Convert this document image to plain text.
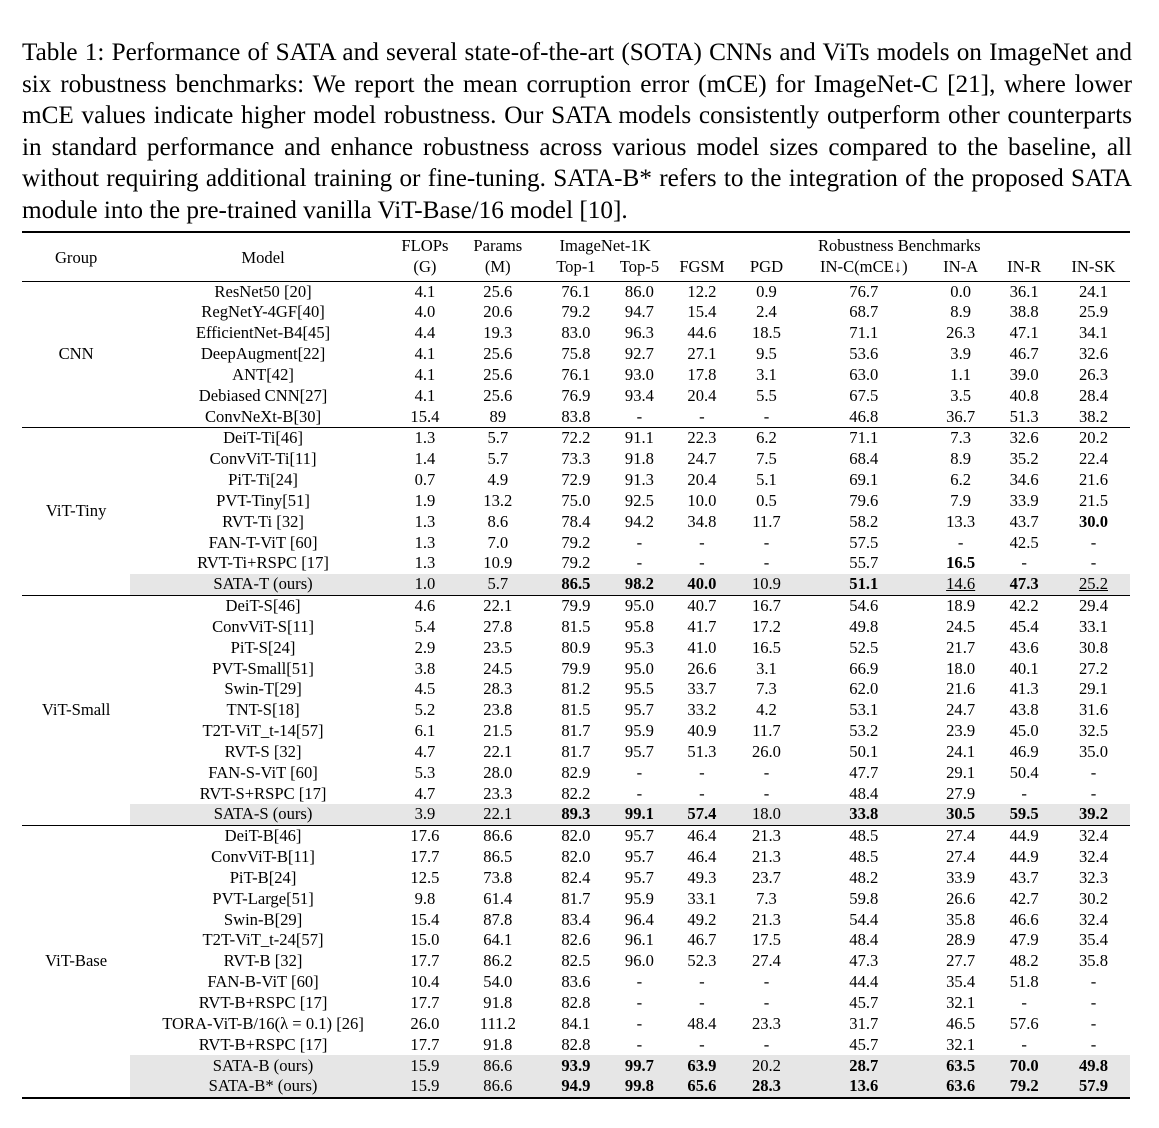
Table 1: Performance of SATA and several state-of-the-art (SOTA) CNNs and ViTs models on ImageNet and six robustness benchmarks: We report the mean corruption error (mCE) for ImageNet-C [21], where lower mCE values indicate higher model robustness. Our SATA models consistently outperform other counterparts in standard performance and enhance robustness across various model sizes compared to the baseline, all without requiring additional training or fine-tuning. SATA-B* refers to the integration of the proposed SATA module into the pre-trained vanilla ViT-Base/16 model [10].

Group	Model	FLOPs	Params	ImageNet-1K		Robustness Benchmarks					
		(G)	(M)	Top-1	Top-5	FGSM	PGD	IN-C(mCE↓)	IN-A	IN-R	IN-SK
CNN	ResNet50 [20]	4.1	25.6	76.1	86.0	12.2	0.9	76.7	0.0	36.1	24.1
	RegNetY-4GF[40]	4.0	20.6	79.2	94.7	15.4	2.4	68.7	8.9	38.8	25.9
	EfficientNet-B4[45]	4.4	19.3	83.0	96.3	44.6	18.5	71.1	26.3	47.1	34.1
	DeepAugment[22]	4.1	25.6	75.8	92.7	27.1	9.5	53.6	3.9	46.7	32.6
	ANT[42]	4.1	25.6	76.1	93.0	17.8	3.1	63.0	1.1	39.0	26.3
	Debiased CNN[27]	4.1	25.6	76.9	93.4	20.4	5.5	67.5	3.5	40.8	28.4
	ConvNeXt-B[30]	15.4	89	83.8	-	-	-	46.8	36.7	51.3	38.2
ViT-Tiny	DeiT-Ti[46]	1.3	5.7	72.2	91.1	22.3	6.2	71.1	7.3	32.6	20.2
	ConvViT-Ti[11]	1.4	5.7	73.3	91.8	24.7	7.5	68.4	8.9	35.2	22.4
	PiT-Ti[24]	0.7	4.9	72.9	91.3	20.4	5.1	69.1	6.2	34.6	21.6
	PVT-Tiny[51]	1.9	13.2	75.0	92.5	10.0	0.5	79.6	7.9	33.9	21.5
	RVT-Ti [32]	1.3	8.6	78.4	94.2	34.8	11.7	58.2	13.3	43.7	30.0
	FAN-T-ViT [60]	1.3	7.0	79.2	-	-	-	57.5	-	42.5	-
	RVT-Ti+RSPC [17]	1.3	10.9	79.2	-	-	-	55.7	16.5	-	-
	SATA-T (ours)	1.0	5.7	86.5	98.2	40.0	10.9	51.1	14.6	47.3	25.2
ViT-Small	DeiT-S[46]	4.6	22.1	79.9	95.0	40.7	16.7	54.6	18.9	42.2	29.4
	ConvViT-S[11]	5.4	27.8	81.5	95.8	41.7	17.2	49.8	24.5	45.4	33.1
	PiT-S[24]	2.9	23.5	80.9	95.3	41.0	16.5	52.5	21.7	43.6	30.8
	PVT-Small[51]	3.8	24.5	79.9	95.0	26.6	3.1	66.9	18.0	40.1	27.2
	Swin-T[29]	4.5	28.3	81.2	95.5	33.7	7.3	62.0	21.6	41.3	29.1
	TNT-S[18]	5.2	23.8	81.5	95.7	33.2	4.2	53.1	24.7	43.8	31.6
	T2T-ViT_t-14[57]	6.1	21.5	81.7	95.9	40.9	11.7	53.2	23.9	45.0	32.5
	RVT-S [32]	4.7	22.1	81.7	95.7	51.3	26.0	50.1	24.1	46.9	35.0
	FAN-S-ViT [60]	5.3	28.0	82.9	-	-	-	47.7	29.1	50.4	-
	RVT-S+RSPC [17]	4.7	23.3	82.2	-	-	-	48.4	27.9	-	-
	SATA-S (ours)	3.9	22.1	89.3	99.1	57.4	18.0	33.8	30.5	59.5	39.2
ViT-Base	DeiT-B[46]	17.6	86.6	82.0	95.7	46.4	21.3	48.5	27.4	44.9	32.4
	ConvViT-B[11]	17.7	86.5	82.0	95.7	46.4	21.3	48.5	27.4	44.9	32.4
	PiT-B[24]	12.5	73.8	82.4	95.7	49.3	23.7	48.2	33.9	43.7	32.3
	PVT-Large[51]	9.8	61.4	81.7	95.9	33.1	7.3	59.8	26.6	42.7	30.2
	Swin-B[29]	15.4	87.8	83.4	96.4	49.2	21.3	54.4	35.8	46.6	32.4
	T2T-ViT_t-24[57]	15.0	64.1	82.6	96.1	46.7	17.5	48.4	28.9	47.9	35.4
	RVT-B [32]	17.7	86.2	82.5	96.0	52.3	27.4	47.3	27.7	48.2	35.8
	FAN-B-ViT [60]	10.4	54.0	83.6	-	-	-	44.4	35.4	51.8	-
	RVT-B+RSPC [17]	17.7	91.8	82.8	-	-	-	45.7	32.1	-	-
	TORA-ViT-B/16(λ = 0.1) [26]	26.0	111.2	84.1	-	48.4	23.3	31.7	46.5	57.6	-
	RVT-B+RSPC [17]	17.7	91.8	82.8	-	-	-	45.7	32.1	-	-
	SATA-B (ours)	15.9	86.6	93.9	99.7	63.9	20.2	28.7	63.5	70.0	49.8
	SATA-B* (ours)	15.9	86.6	94.9	99.8	65.6	28.3	13.6	63.6	79.2	57.9
